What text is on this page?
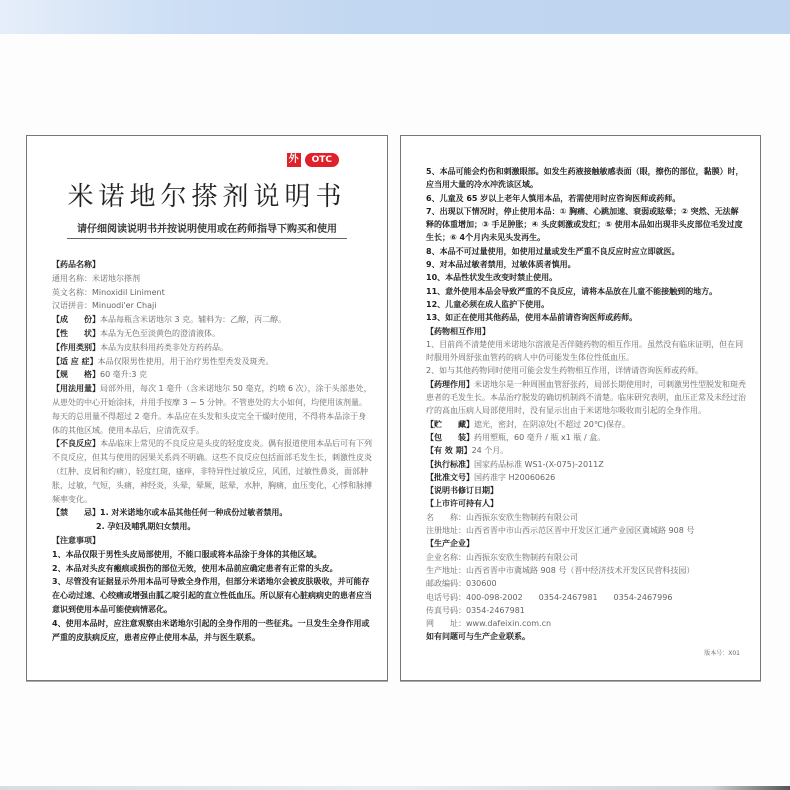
外	OTC
米诺地尔搽剂说明书
请仔细阅读说明书并按说明使用或在药师指导下购买和使用
【药品名称】
通用名称：米诺地尔搽剂
英文名称：Minoxidil Liniment
汉语拼音：Minuodi'er Chaji
【成　　份】本品每瓶含米诺地尔 3 克。辅料为：乙醇，丙二醇。
【性　　状】本品为无色至淡黄色的澄清液体。
【作用类别】本品为皮肤科用药类非处方药药品。
【适 应 症】本品仅限男性使用，用于治疗男性型秃发及斑秃。
【规　　格】60 毫升:3 克
【用法用量】局部外用，每次 1 毫升（含米诺地尔 50 毫克，约喷 6 次），涂于头部患处，从患处的中心开始涂抹，并用手按摩 3 ~ 5 分钟。不管患处的大小如何，均使用该剂量。每天的总用量不得超过 2 毫升。本品应在头发和头皮完全干燥时使用，不得将本品涂于身体的其他区域。使用本品后，应清洗双手。
【不良反应】本品临床上常见的不良反应是头皮的轻度皮炎。偶有报道使用本品后可有下列不良反应，但其与使用的因果关系尚不明确。这些不良反应包括面部毛发生长，刺激性皮炎（红肿、皮屑和灼痛），轻度红斑，瘙痒，非特异性过敏反应，风团，过敏性鼻炎，面部肿胀，过敏，气短，头痛，神经炎，头晕，晕厥，眩晕，水肿，胸痛，血压变化，心悸和脉搏频率变化。
【禁　　忌】1. 对米诺地尔或本品其他任何一种成份过敏者禁用。
2. 孕妇及哺乳期妇女禁用。
【注意事项】
1、本品仅限于男性头皮局部使用，不能口服或将本品涂于身体的其他区域。
2、本品对头皮有瘢痕或损伤的部位无效，使用本品前应确定患者有正常的头皮。
3、尽管没有证据显示外用本品可导致全身作用，但部分米诺地尔会被皮肤吸收，并可能存在心动过速、心绞痛或增强由胍乙啶引起的直立性低血压。所以原有心脏病病史的患者应当意识到使用本品可能使病情恶化。
4、使用本品时，应注意观察由米诺地尔引起的全身作用的一些征兆。一旦发生全身作用或严重的皮肤病反应，患者应停止使用本品，并与医生联系。
5、本品可能会灼伤和刺激眼部。如发生药液接触敏感表面（眼，擦伤的部位，黏膜）时，应当用大量的冷水冲洗该区域。
6、儿童及 65 岁以上老年人慎用本品，若需使用时应咨询医师或药师。
7、出现以下情况时，停止使用本品：① 胸痛、心跳加速、衰弱或眩晕；② 突然、无法解释的体重增加；③ 手足肿胀；④ 头皮刺激或发红；⑤ 使用本品如出现非头皮部位毛发过度生长；⑥ 4个月内未见头发再生。
8、本品不可过量使用，如使用过量或发生严重不良反应时应立即就医。
9、对本品过敏者禁用，过敏体质者慎用。
10、本品性状发生改变时禁止使用。
11、意外使用本品会导致严重的不良反应，请将本品放在儿童不能接触到的地方。
12、儿童必须在成人监护下使用。
13、如正在使用其他药品，使用本品前请咨询医师或药师。
【药物相互作用】
1、目前尚不清楚使用米诺地尔溶液是否伴随药物的相互作用。虽然没有临床证明，但在同时服用外周舒张血管药的病人中仍可能发生体位性低血压。
2、如与其他药物同时使用可能会发生药物相互作用，详情请咨询医师或药师。
【药理作用】米诺地尔是一种周围血管舒张药，局部长期使用时，可刺激男性型脱发和斑秃患者的毛发生长。本品治疗脱发的确切机制尚不清楚。临床研究表明，血压正常及未经过治疗的高血压病人局部使用时，没有显示出由于米诺地尔吸收而引起的全身作用。
【贮　　藏】遮光，密封，在阴凉处(不超过 20℃)保存。
【包　　装】药用塑瓶，60 毫升 / 瓶 x1 瓶 / 盒。
【有 效 期】24 个月。
【执行标准】国家药品标准 WS1-(X-075)-2011Z
【批准文号】国药准字 H20060626
【说明书修订日期】
【上市许可持有人】
名　　称：山西振东安欣生物制药有限公司
注册地址：山西省晋中市山西示范区晋中开发区汇通产业园区冀城路 908 号
【生产企业】
企业名称：山西振东安欣生物制药有限公司
生产地址：山西省晋中市冀城路 908 号（晋中经济技术开发区民营科技园）
邮政编码：030600
电话号码：400-098-2002　　0354-2467981　　0354-2467996
传真号码：0354-2467981
网　　址：www.dafeixin.com.cn
如有问题可与生产企业联系。
版本号：X01
